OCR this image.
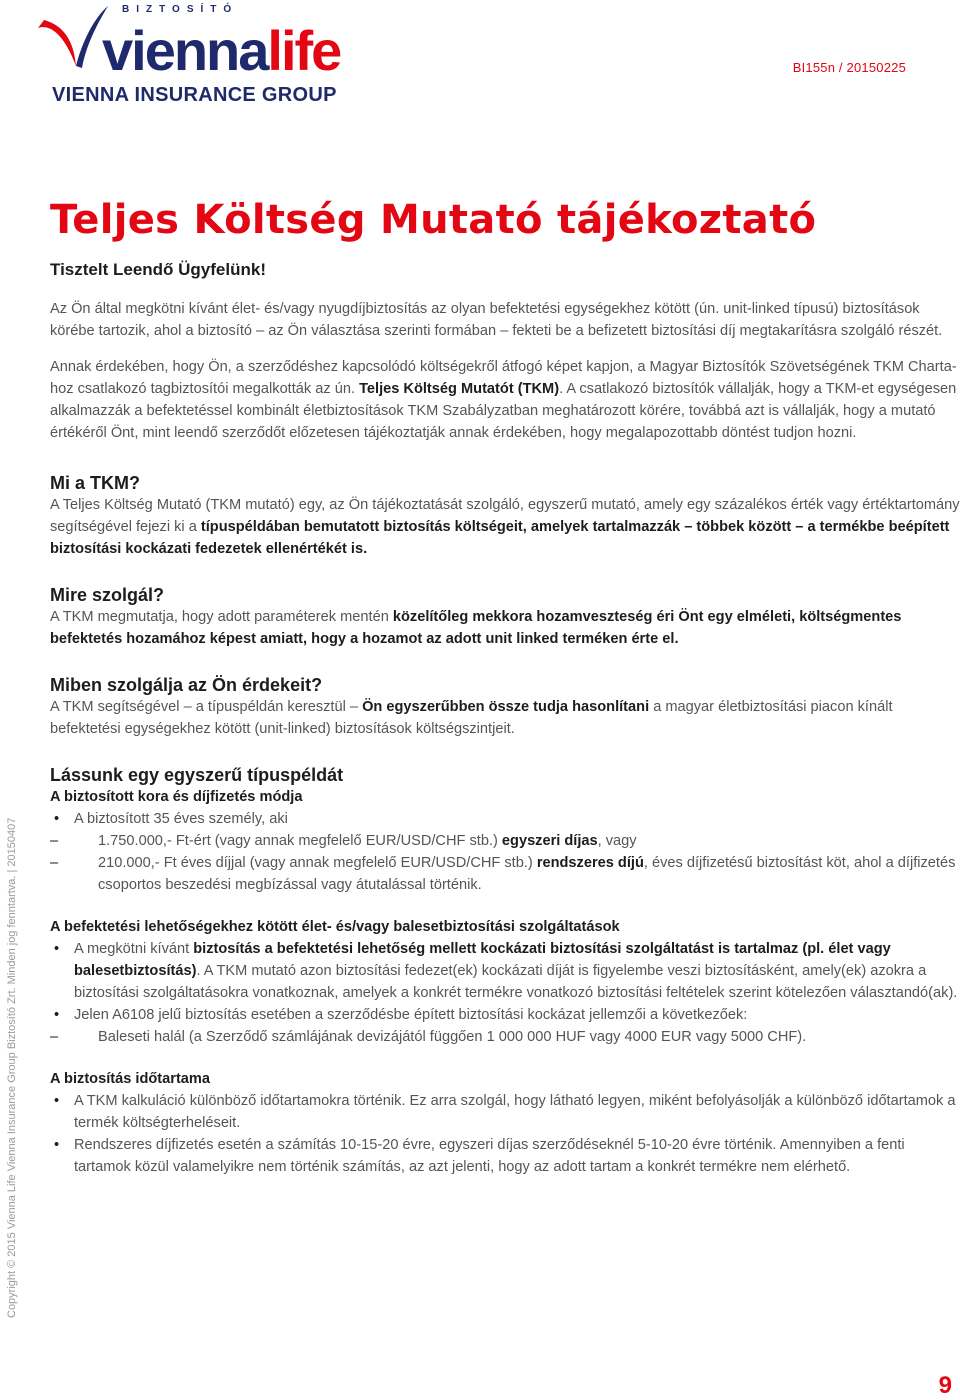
BIZTOSÍTÓ
viennalife
VIENNA INSURANCE GROUP
BI155n / 20150225
Copyright © 2015 Vienna Life Vienna Insurance Group Biztosító Zrt. Minden jog fenntartva. | 20150407
Teljes Költség Mutató tájékoztató
Tisztelt Leendő Ügyfelünk!

Az Ön által megkötni kívánt élet- és/vagy nyugdíjbiztosítás az olyan befektetési egységekhez kötött (ún. unit-linked típusú) biztosítások körébe tartozik, ahol a biztosító – az Ön választása szerinti formában – fekteti be a befizetett biztosítási díj megtakarításra szolgáló részét.

Annak érdekében, hogy Ön, a szerződéshez kapcsolódó költségekről átfogó képet kapjon, a Magyar Biztosítók Szövetségének TKM Charta-hoz csatlakozó tagbiztosítói megalkották az ún. Teljes Költség Mutatót (TKM). A csatlakozó biztosítók vállalják, hogy a TKM-et egységesen alkalmazzák a befektetéssel kombinált életbiztosítások TKM Szabályzatban meghatározott körére, továbbá azt is vállalják, hogy a mutató értékéről Önt, mint leendő szerződőt előzetesen tájékoztatják annak érdekében, hogy megalapozottabb döntést tudjon hozni.

Mi a TKM?

A Teljes Költség Mutató (TKM mutató) egy, az Ön tájékoztatását szolgáló, egyszerű mutató, amely egy százalékos érték vagy értéktartomány segítségével fejezi ki a típuspéldában bemutatott biztosítás költségeit, amelyek tartalmazzák – többek között – a termékbe beépített biztosítási kockázati fedezetek ellenértékét is.

Mire szolgál?

A TKM megmutatja, hogy adott paraméterek mentén közelítőleg mekkora hozamveszteség éri Önt egy elméleti, költségmentes befektetés hozamához képest amiatt, hogy a hozamot az adott unit linked terméken érte el.

Miben szolgálja az Ön érdekeit?

A TKM segítségével – a típuspéldán keresztül – Ön egyszerűbben össze tudja hasonlítani a magyar életbiztosítási piacon kínált befektetési egységekhez kötött (unit-linked) biztosítások költségszintjeit.

Lássunk egy egyszerű típuspéldát
A biztosított kora és díjfizetés módja
• A biztosított 35 éves személy, aki
– 1.750.000,- Ft-ért (vagy annak megfelelő EUR/USD/CHF stb.) egyszeri díjas, vagy
– 210.000,- Ft éves díjjal (vagy annak megfelelő EUR/USD/CHF stb.) rendszeres díjú, éves díjfizetésű biztosítást köt, ahol a díjfizetés csoportos beszedési megbízással vagy átutalással történik.
A befektetési lehetőségekhez kötött élet- és/vagy balesetbiztosítási szolgáltatások
• A megkötni kívánt biztosítás a befektetési lehetőség mellett kockázati biztosítási szolgáltatást is tartalmaz (pl. élet vagy balesetbiztosítás). A TKM mutató azon biztosítási fedezet(ek) kockázati díját is figyelembe veszi biztosításként, amely(ek) azokra a biztosítási szolgáltatásokra vonatkoznak, amelyek a konkrét termékre vonatkozó biztosítási feltételek szerint kötelezően választandó(ak).
• Jelen A6108 jelű biztosítás esetében a szerződésbe épített biztosítási kockázat jellemzői a következőek:
– Baleseti halál (a Szerződő számlájának devizájától függően 1 000 000 HUF vagy 4000 EUR vagy 5000 CHF).
A biztosítás időtartama
• A TKM kalkuláció különböző időtartamokra történik. Ez arra szolgál, hogy látható legyen, miként befolyásolják a különböző időtartamok a termék költségterheléseit.
• Rendszeres díjfizetés esetén a számítás 10-15-20 évre, egyszeri díjas szerződéseknél 5-10-20 évre történik. Amennyiben a fenti tartamok közül valamelyikre nem történik számítás, az azt jelenti, hogy az adott tartam a konkrét termékre nem elérhető.
9
